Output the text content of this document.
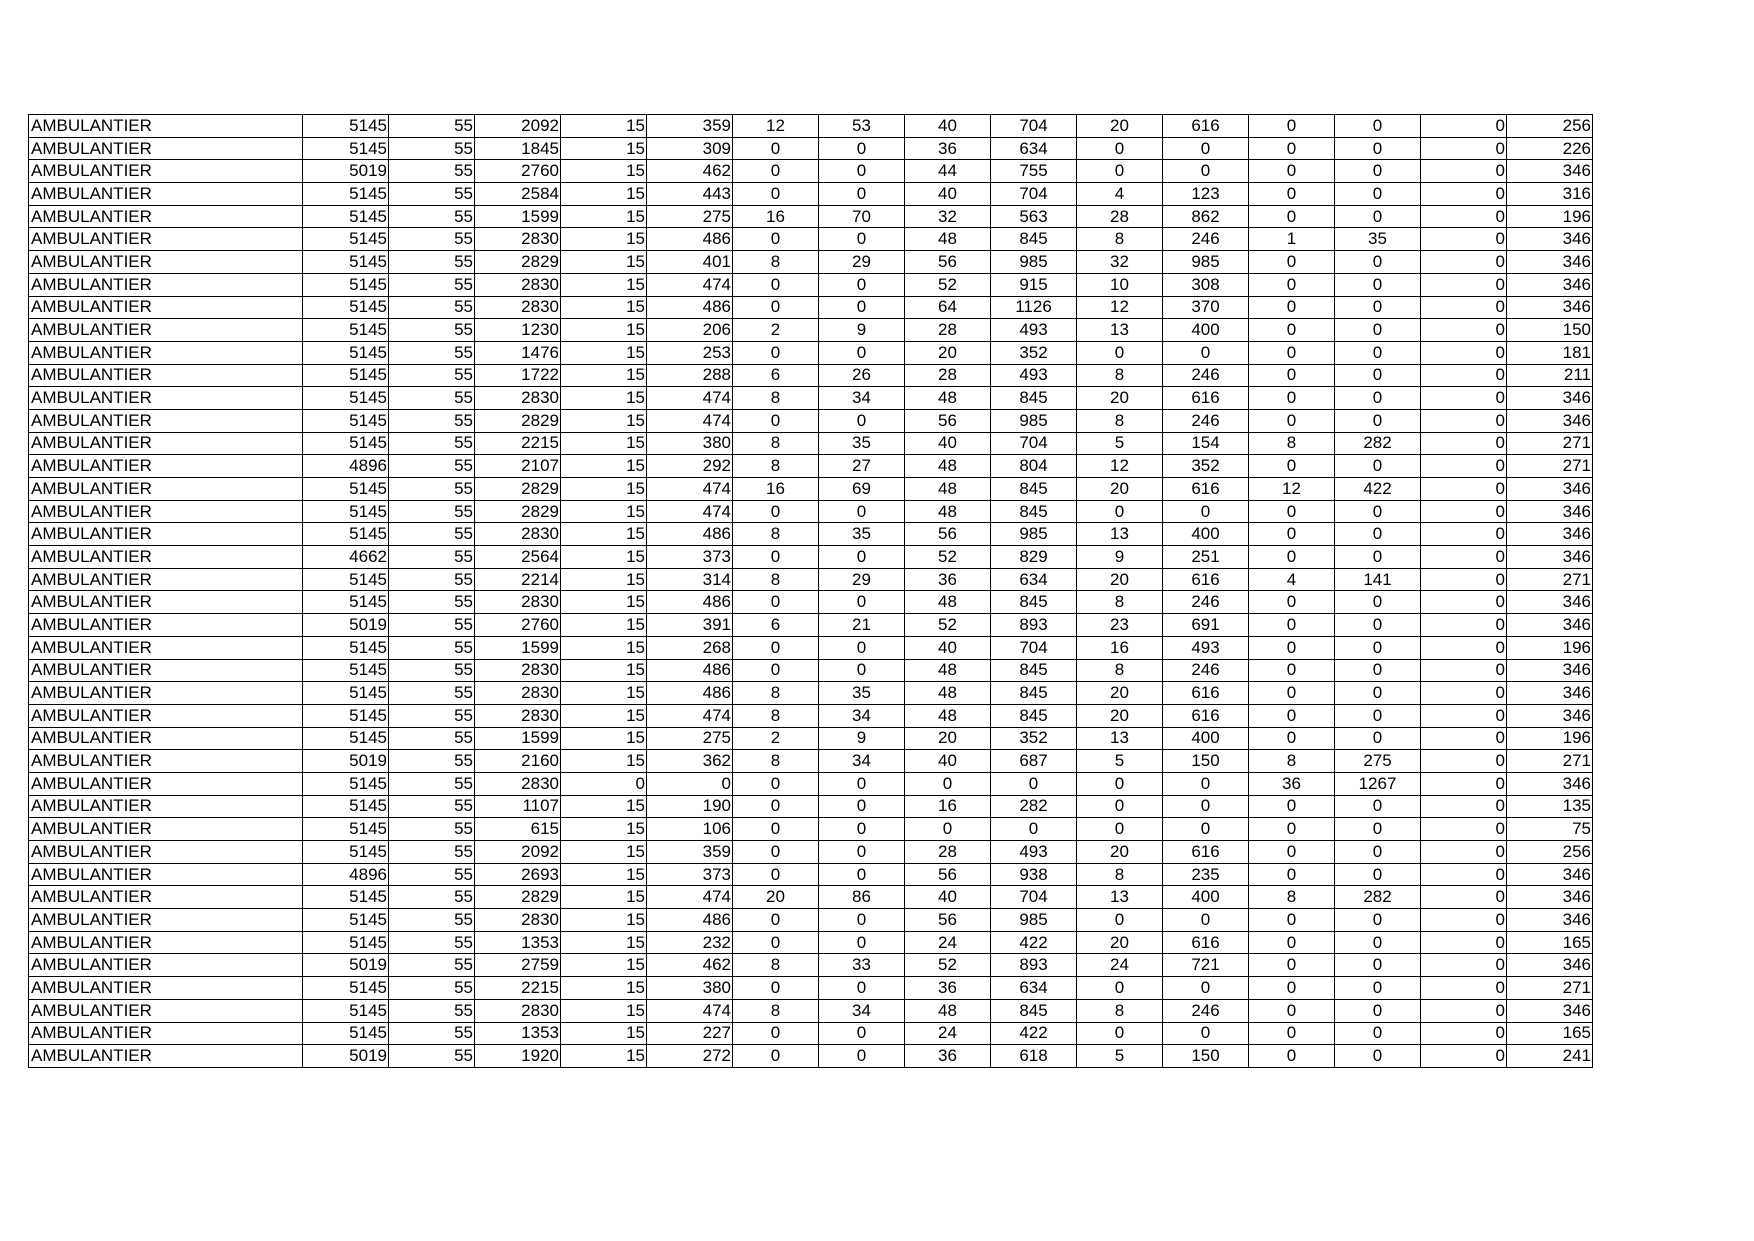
AMBULANTIER	5145	55	2092	15	359	12	53	40	704	20	616	0	0	0	256
AMBULANTIER	5145	55	1845	15	309	0	0	36	634	0	0	0	0	0	226
AMBULANTIER	5019	55	2760	15	462	0	0	44	755	0	0	0	0	0	346
AMBULANTIER	5145	55	2584	15	443	0	0	40	704	4	123	0	0	0	316
AMBULANTIER	5145	55	1599	15	275	16	70	32	563	28	862	0	0	0	196
AMBULANTIER	5145	55	2830	15	486	0	0	48	845	8	246	1	35	0	346
AMBULANTIER	5145	55	2829	15	401	8	29	56	985	32	985	0	0	0	346
AMBULANTIER	5145	55	2830	15	474	0	0	52	915	10	308	0	0	0	346
AMBULANTIER	5145	55	2830	15	486	0	0	64	1126	12	370	0	0	0	346
AMBULANTIER	5145	55	1230	15	206	2	9	28	493	13	400	0	0	0	150
AMBULANTIER	5145	55	1476	15	253	0	0	20	352	0	0	0	0	0	181
AMBULANTIER	5145	55	1722	15	288	6	26	28	493	8	246	0	0	0	211
AMBULANTIER	5145	55	2830	15	474	8	34	48	845	20	616	0	0	0	346
AMBULANTIER	5145	55	2829	15	474	0	0	56	985	8	246	0	0	0	346
AMBULANTIER	5145	55	2215	15	380	8	35	40	704	5	154	8	282	0	271
AMBULANTIER	4896	55	2107	15	292	8	27	48	804	12	352	0	0	0	271
AMBULANTIER	5145	55	2829	15	474	16	69	48	845	20	616	12	422	0	346
AMBULANTIER	5145	55	2829	15	474	0	0	48	845	0	0	0	0	0	346
AMBULANTIER	5145	55	2830	15	486	8	35	56	985	13	400	0	0	0	346
AMBULANTIER	4662	55	2564	15	373	0	0	52	829	9	251	0	0	0	346
AMBULANTIER	5145	55	2214	15	314	8	29	36	634	20	616	4	141	0	271
AMBULANTIER	5145	55	2830	15	486	0	0	48	845	8	246	0	0	0	346
AMBULANTIER	5019	55	2760	15	391	6	21	52	893	23	691	0	0	0	346
AMBULANTIER	5145	55	1599	15	268	0	0	40	704	16	493	0	0	0	196
AMBULANTIER	5145	55	2830	15	486	0	0	48	845	8	246	0	0	0	346
AMBULANTIER	5145	55	2830	15	486	8	35	48	845	20	616	0	0	0	346
AMBULANTIER	5145	55	2830	15	474	8	34	48	845	20	616	0	0	0	346
AMBULANTIER	5145	55	1599	15	275	2	9	20	352	13	400	0	0	0	196
AMBULANTIER	5019	55	2160	15	362	8	34	40	687	5	150	8	275	0	271
AMBULANTIER	5145	55	2830	0	0	0	0	0	0	0	0	36	1267	0	346
AMBULANTIER	5145	55	1107	15	190	0	0	16	282	0	0	0	0	0	135
AMBULANTIER	5145	55	615	15	106	0	0	0	0	0	0	0	0	0	75
AMBULANTIER	5145	55	2092	15	359	0	0	28	493	20	616	0	0	0	256
AMBULANTIER	4896	55	2693	15	373	0	0	56	938	8	235	0	0	0	346
AMBULANTIER	5145	55	2829	15	474	20	86	40	704	13	400	8	282	0	346
AMBULANTIER	5145	55	2830	15	486	0	0	56	985	0	0	0	0	0	346
AMBULANTIER	5145	55	1353	15	232	0	0	24	422	20	616	0	0	0	165
AMBULANTIER	5019	55	2759	15	462	8	33	52	893	24	721	0	0	0	346
AMBULANTIER	5145	55	2215	15	380	0	0	36	634	0	0	0	0	0	271
AMBULANTIER	5145	55	2830	15	474	8	34	48	845	8	246	0	0	0	346
AMBULANTIER	5145	55	1353	15	227	0	0	24	422	0	0	0	0	0	165
AMBULANTIER	5019	55	1920	15	272	0	0	36	618	5	150	0	0	0	241
